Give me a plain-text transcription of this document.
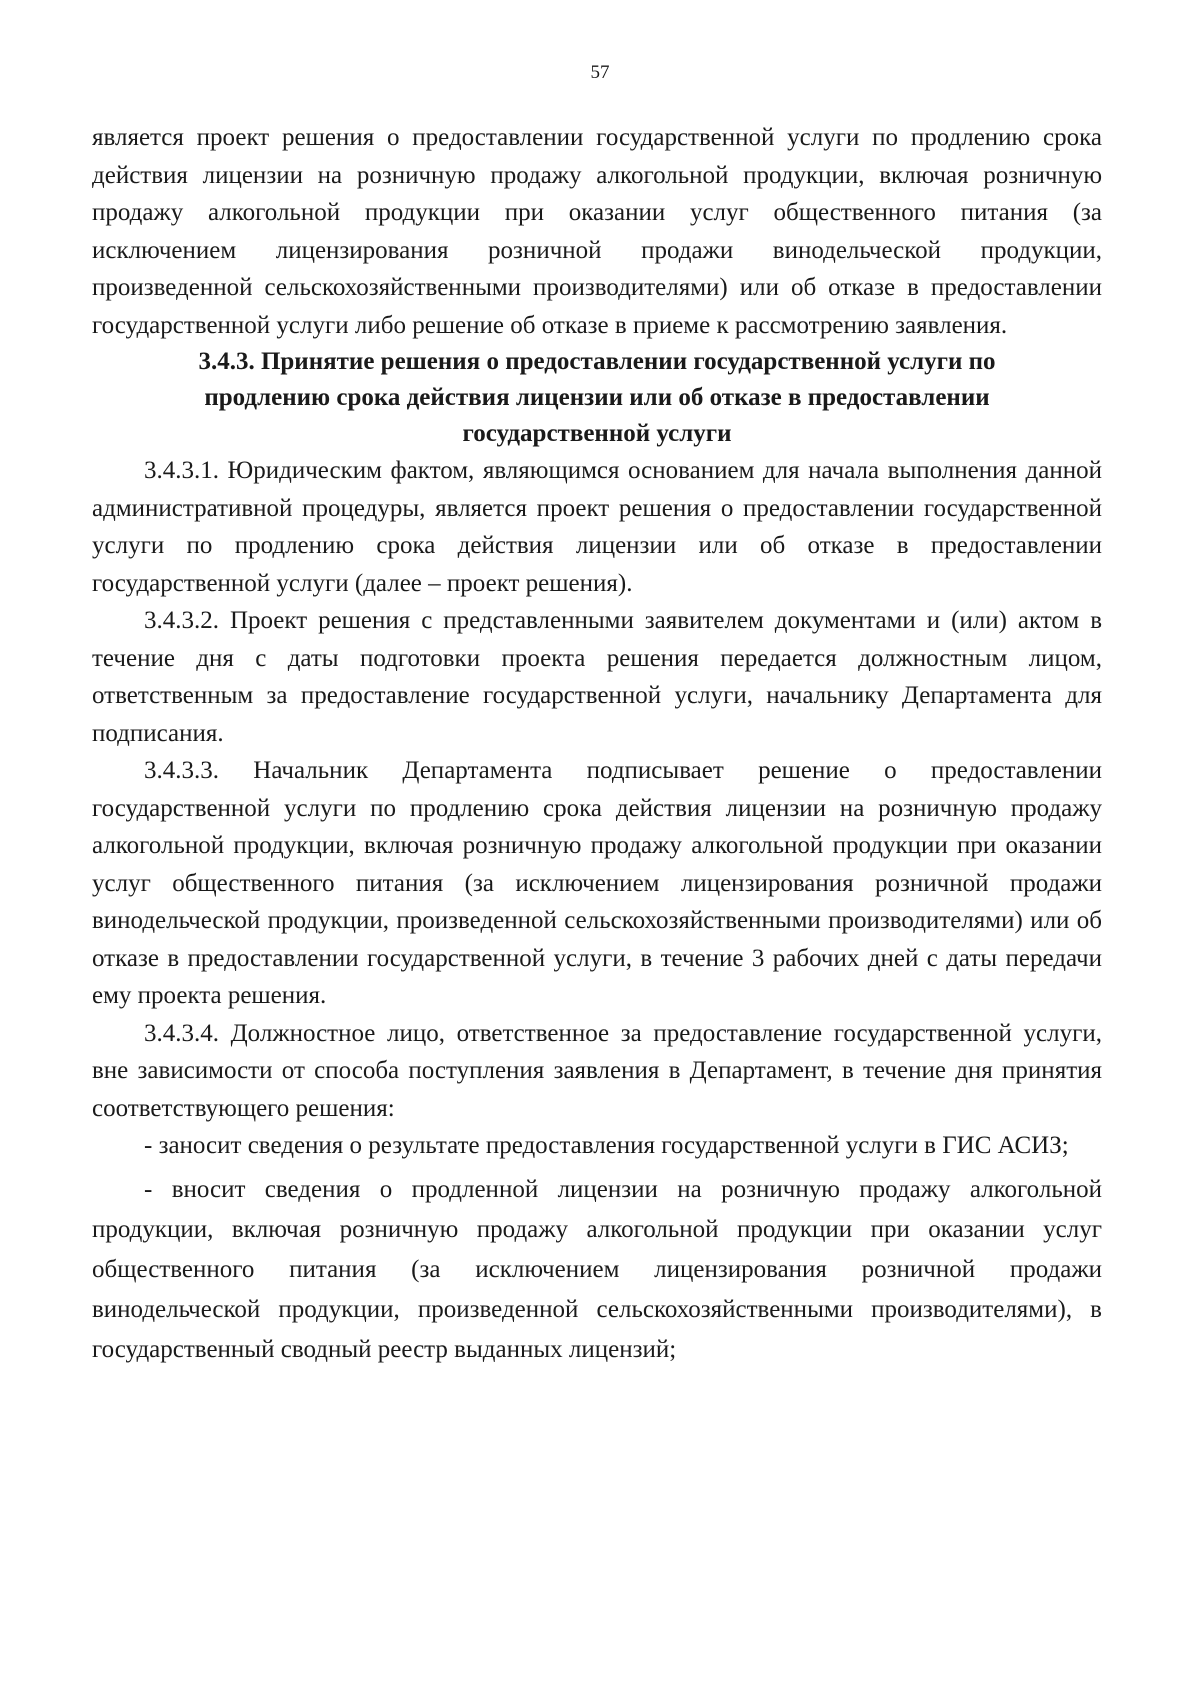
57

является проект решения о предоставлении государственной услуги по продлению срока действия лицензии на розничную продажу алкогольной продукции, включая розничную продажу алкогольной продукции при оказании услуг общественного питания (за исключением лицензирования розничной продажи винодельческой продукции, произведенной сельскохозяйственными производителями) или об отказе в предоставлении государственной услуги либо решение об отказе в приеме к рассмотрению заявления.

3.4.3. Принятие решения о предоставлении государственной услуги по продлению срока действия лицензии или об отказе в предоставлении государственной услуги

3.4.3.1. Юридическим фактом, являющимся основанием для начала выполнения данной административной процедуры, является проект решения о предоставлении государственной услуги по продлению срока действия лицензии или об отказе в предоставлении государственной услуги (далее – проект решения).

3.4.3.2. Проект решения с представленными заявителем документами и (или) актом в течение дня с даты подготовки проекта решения передается должностным лицом, ответственным за предоставление государственной услуги, начальнику Департамента для подписания.

3.4.3.3. Начальник Департамента подписывает решение о предоставлении государственной услуги по продлению срока действия лицензии на розничную продажу алкогольной продукции, включая розничную продажу алкогольной продукции при оказании услуг общественного питания (за исключением лицензирования розничной продажи винодельческой продукции, произведенной сельскохозяйственными производителями) или об отказе в предоставлении государственной услуги, в течение 3 рабочих дней с даты передачи ему проекта решения.

3.4.3.4. Должностное лицо, ответственное за предоставление государственной услуги, вне зависимости от способа поступления заявления в Департамент, в течение дня принятия соответствующего решения:

- заносит сведения о результате предоставления государственной услуги в ГИС АСИЗ;

- вносит сведения о продленной лицензии на розничную продажу алкогольной продукции, включая розничную продажу алкогольной продукции при оказании услуг общественного питания (за исключением лицензирования розничной продажи винодельческой продукции, произведенной сельскохозяйственными производителями), в государственный сводный реестр выданных лицензий;
